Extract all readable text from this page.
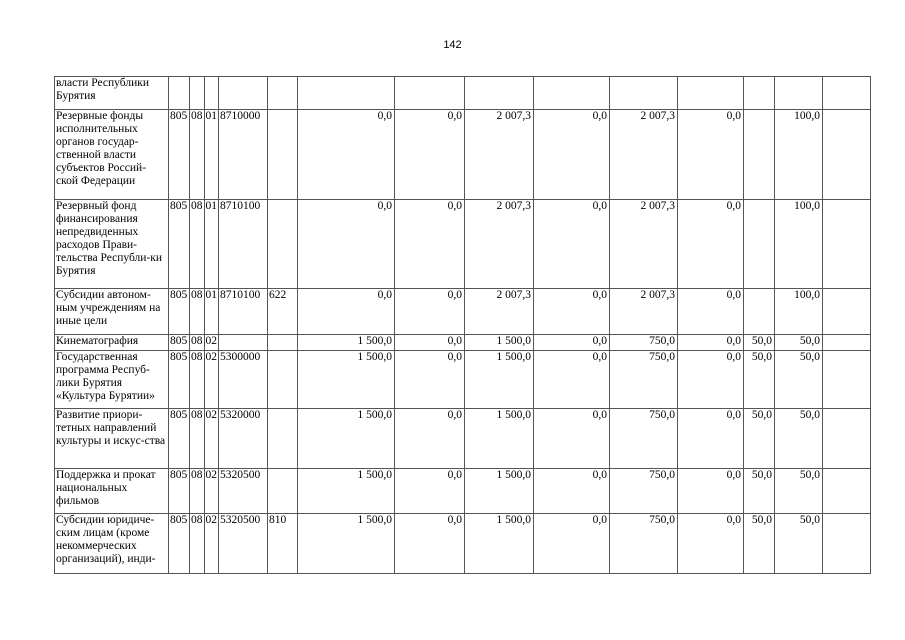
142
власти Республики Бурятия														
Резервные фонды исполнительных органов государ-ственной власти субъектов Россий-ской Федерации	805	08	01	8710000		0,0	0,0	2 007,3	0,0	2 007,3	0,0		100,0	
Резервный фонд финансирования непредвиденных расходов Прави-тельства Республи-ки Бурятия	805	08	01	8710100		0,0	0,0	2 007,3	0,0	2 007,3	0,0		100,0	
Субсидии автоном-ным учреждениям на иные цели	805	08	01	8710100	622	0,0	0,0	2 007,3	0,0	2 007,3	0,0		100,0	
Кинематография	805	08	02			1 500,0	0,0	1 500,0	0,0	750,0	0,0	50,0	50,0	
Государственная программа Респуб-лики Бурятия «Культура Бурятии»	805	08	02	5300000		1 500,0	0,0	1 500,0	0,0	750,0	0,0	50,0	50,0	
Развитие приори-тетных направлений культуры и искус-ства	805	08	02	5320000		1 500,0	0,0	1 500,0	0,0	750,0	0,0	50,0	50,0	
Поддержка и прокат национальных фильмов	805	08	02	5320500		1 500,0	0,0	1 500,0	0,0	750,0	0,0	50,0	50,0	
Субсидии юридиче-ским лицам (кроме некоммерческих организаций), инди-	805	08	02	5320500	810	1 500,0	0,0	1 500,0	0,0	750,0	0,0	50,0	50,0	
